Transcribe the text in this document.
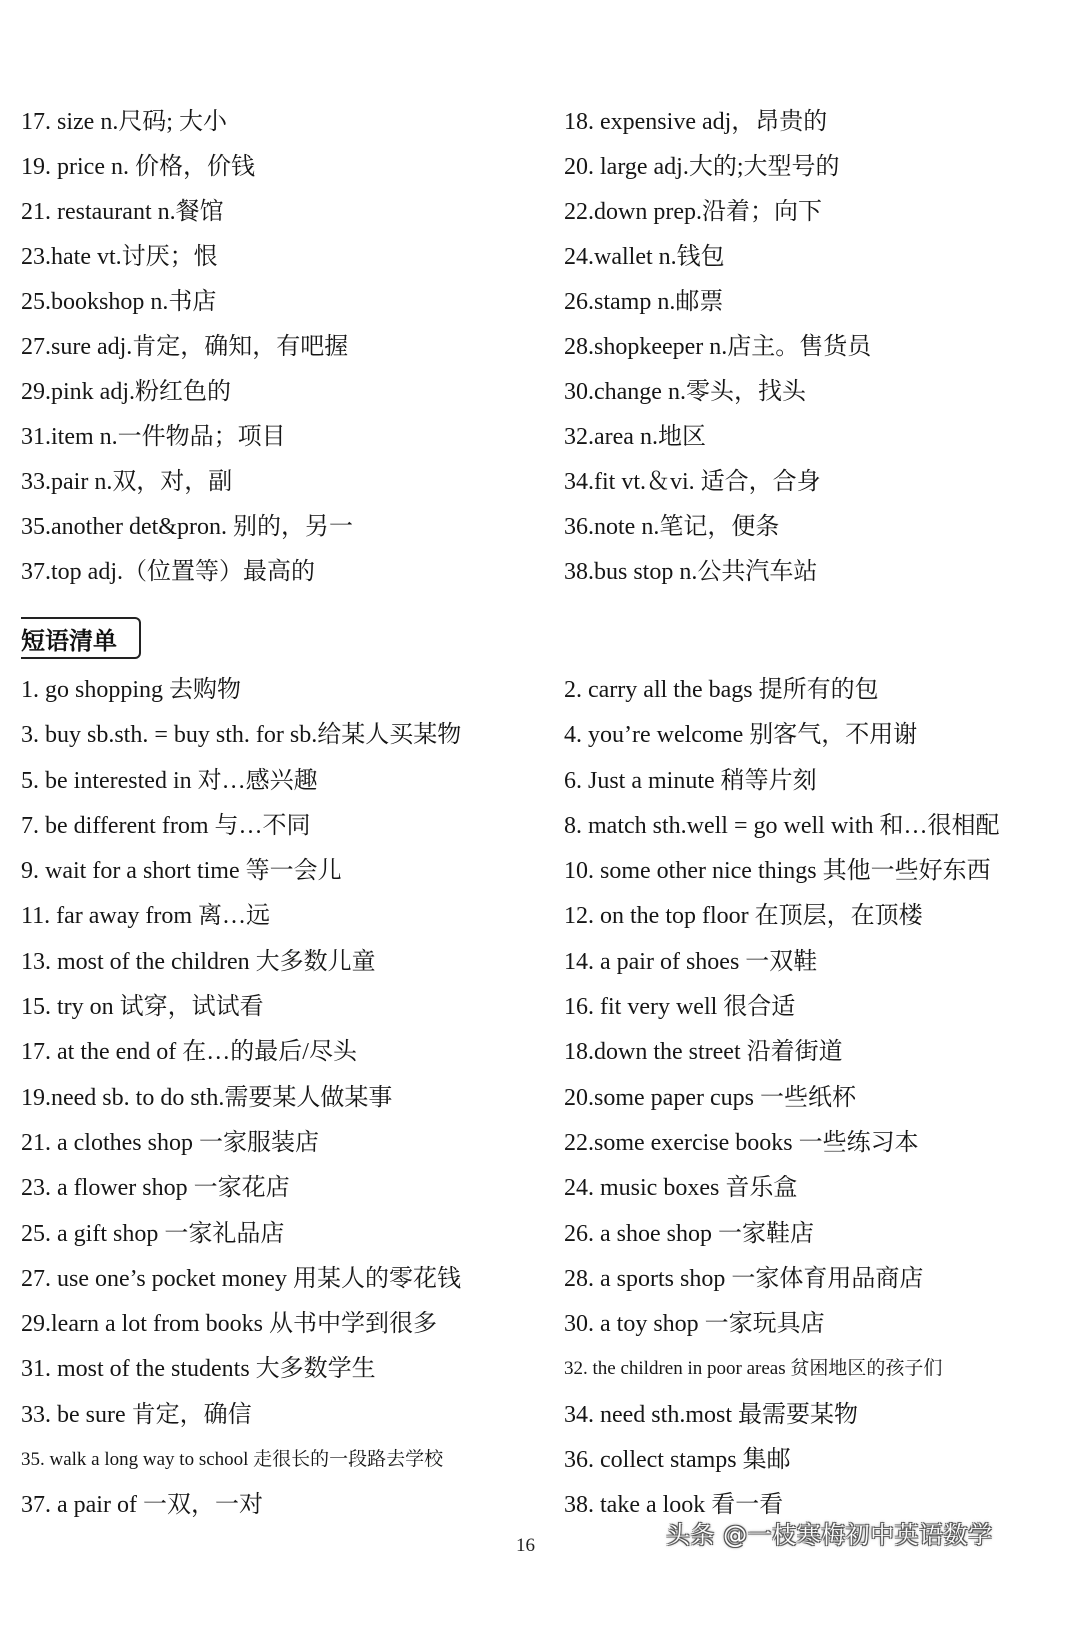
17. size n.尺码; 大小
19. price n. 价格，价钱
21. restaurant n.餐馆
23.hate vt.讨厌；恨
25.bookshop n.书店
27.sure adj.肯定，确知，有吧握
29.pink adj.粉红色的
31.item n.一件物品；项目
33.pair n.双，对，副
35.another det&pron. 别的，另一
37.top adj.（位置等）最高的
18. expensive adj，昂贵的
20. large adj.大的;大型号的
22.down prep.沿着；向下
24.wallet n.钱包
26.stamp n.邮票
28.shopkeeper n.店主。售货员
30.change n.零头，找头
32.area n.地区
34.fit vt.＆vi. 适合，合身
36.note n.笔记，便条
38.bus stop n.公共汽车站
短语清单
1. go shopping 去购物
3. buy sb.sth. = buy sth. for sb.给某人买某物
5. be interested in 对…感兴趣
7. be different from 与…不同
9. wait for a short time 等一会儿
11. far away from 离…远
13. most of the children 大多数儿童
15. try on 试穿，试试看
17. at the end of 在…的最后/尽头
19.need sb. to do sth.需要某人做某事
21. a clothes shop 一家服装店
23. a flower shop 一家花店
25. a gift shop 一家礼品店
27. use one’s pocket money 用某人的零花钱
29.learn a lot from books 从书中学到很多
31. most of the students 大多数学生
33. be sure 肯定，确信
35. walk a long way to school 走很长的一段路去学校
37. a pair of 一双，一对
2. carry all the bags 提所有的包
4. you’re welcome 别客气，不用谢
6. Just a minute 稍等片刻
8. match sth.well = go well with 和…很相配
10. some other nice things 其他一些好东西
12. on the top floor 在顶层，在顶楼
14. a pair of shoes 一双鞋
16. fit very well 很合适
18.down the street 沿着街道
20.some paper cups 一些纸杯
22.some exercise books 一些练习本
24. music boxes 音乐盒
26. a shoe shop 一家鞋店
28. a sports shop 一家体育用品商店
30. a toy shop 一家玩具店
32. the children in poor areas 贫困地区的孩子们
34. need sth.most 最需要某物
36. collect stamps 集邮
38. take a look 看一看
16	头条 @一枝寒梅初中英语数学
